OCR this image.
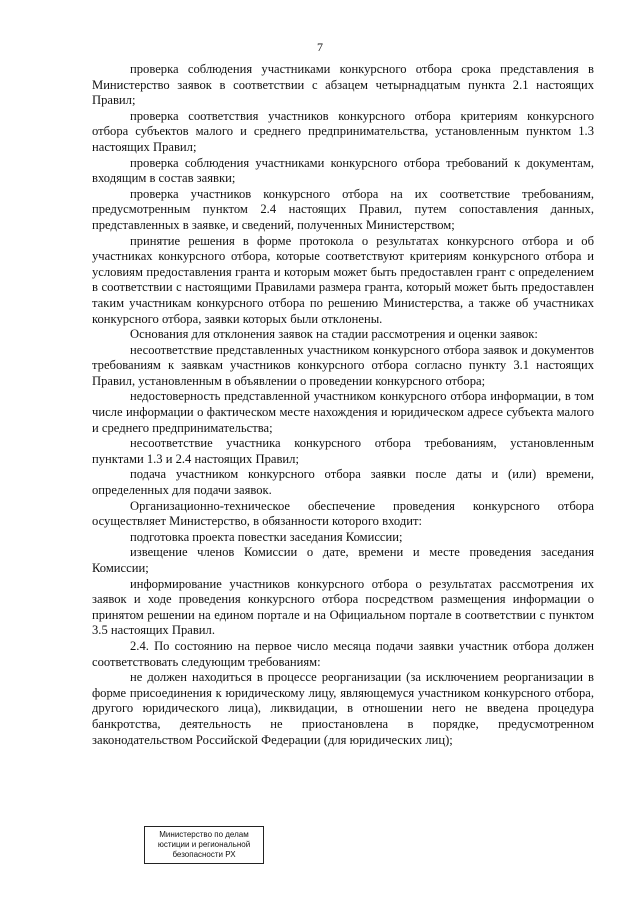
7

проверка соблюдения участниками конкурсного отбора срока представления в Министерство заявок в соответствии с абзацем четырнадцатым пункта 2.1 настоящих Правил;

проверка соответствия участников конкурсного отбора критериям конкурсного отбора субъектов малого и среднего предпринимательства, установленным пунктом 1.3 настоящих Правил;

проверка соблюдения участниками конкурсного отбора требований к документам, входящим в состав заявки;

проверка участников конкурсного отбора на их соответствие требованиям, предусмотренным пунктом 2.4 настоящих Правил, путем сопоставления данных, представленных в заявке, и сведений, полученных Министерством;

принятие решения в форме протокола о результатах конкурсного отбора и об участниках конкурсного отбора, которые соответствуют критериям конкурсного отбора и условиям предоставления гранта и которым может быть предоставлен грант с определением в соответствии с настоящими Правилами размера гранта, который может быть предоставлен таким участникам конкурсного отбора по решению Министерства, а также об участниках конкурсного отбора, заявки которых были отклонены.

Основания для отклонения заявок на стадии рассмотрения и оценки заявок:

несоответствие представленных участником конкурсного отбора заявок и документов требованиям к заявкам участников конкурсного отбора согласно пункту 3.1 настоящих Правил, установленным в объявлении о проведении конкурсного отбора;

недостоверность представленной участником конкурсного отбора информации, в том числе информации о фактическом месте нахождения и юридическом адресе субъекта малого и среднего предпринимательства;

несоответствие участника конкурсного отбора требованиям, установленным пунктами 1.3 и 2.4 настоящих Правил;

подача участником конкурсного отбора заявки после даты и (или) времени, определенных для подачи заявок.

Организационно-техническое обеспечение проведения конкурсного отбора осуществляет Министерство, в обязанности которого входит:

подготовка проекта повестки заседания Комиссии;

извещение членов Комиссии о дате, времени и месте проведения заседания Комиссии;

информирование участников конкурсного отбора о результатах рассмотрения их заявок и ходе проведения конкурсного отбора посредством размещения информации о принятом решении на едином портале и на Официальном портале в соответствии с пунктом 3.5 настоящих Правил.

2.4. По состоянию на первое число месяца подачи заявки участник отбора должен соответствовать следующим требованиям:

не должен находиться в процессе реорганизации (за исключением реорганизации в форме присоединения к юридическому лицу, являющемуся участником конкурсного отбора, другого юридического лица), ликвидации, в отношении него не введена процедура банкротства, деятельность не приостановлена в порядке, предусмотренном законодательством Российской Федерации (для юридических лиц);

Министерство по делам
юстиции и региональной
безопасности РХ
